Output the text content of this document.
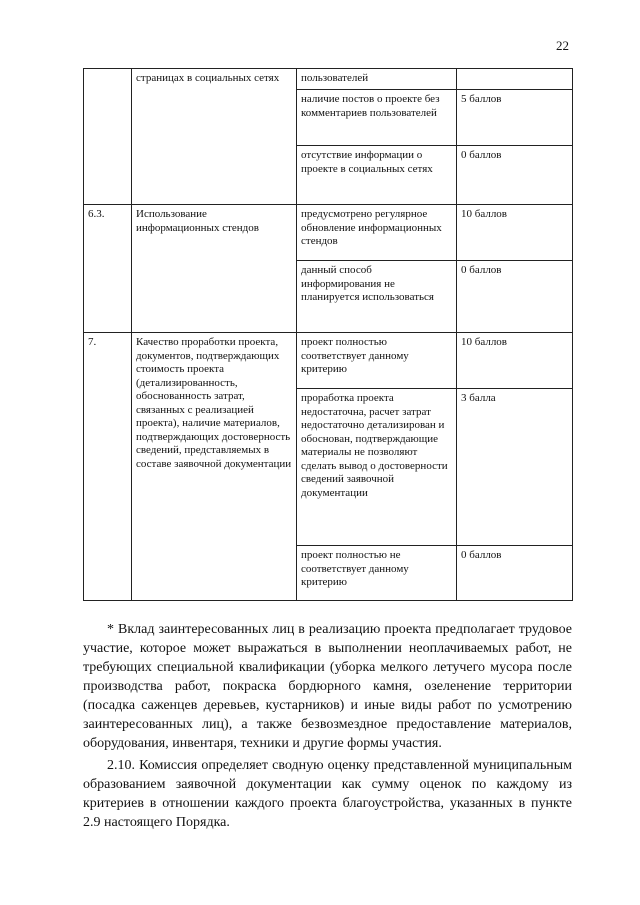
22
	страницах в социальных сетях	пользователей	
		наличие постов о проекте без комментариев пользователей	5 баллов
		отсутствие информации о проекте в социальных сетях	0 баллов
6.3.	Использование информационных стендов	предусмотрено регулярное обновление информационных стендов	10 баллов
		данный способ информирования не планируется использоваться	0 баллов
7.	Качество проработки проекта, документов, подтверждающих стоимость проекта (детализированность, обоснованность затрат, связанных с реализацией проекта), наличие материалов, подтверждающих достоверность сведений, представляемых в составе заявочной документации	проект полностью соответствует данному критерию	10 баллов
		проработка проекта недостаточна, расчет затрат недостаточно детализирован и обоснован, подтверждающие материалы не позволяют сделать вывод о достоверности сведений заявочной документации	3 балла
		проект полностью не соответствует данному критерию	0 баллов
* Вклад заинтересованных лиц в реализацию проекта предполагает трудовое участие, которое может выражаться в выполнении неоплачиваемых работ, не требующих специальной квалификации (уборка мелкого летучего мусора после производства работ, покраска бордюрного камня, озеленение территории (посадка саженцев деревьев, кустарников) и иные виды работ по усмотрению заинтересованных лиц), а также безвозмездное предоставление материалов, оборудования, инвентаря, техники и другие формы участия.
2.10. Комиссия определяет сводную оценку представленной муниципальным образованием заявочной документации как сумму оценок по каждому из критериев в отношении каждого проекта благоустройства, указанных в пункте 2.9 настоящего Порядка.
